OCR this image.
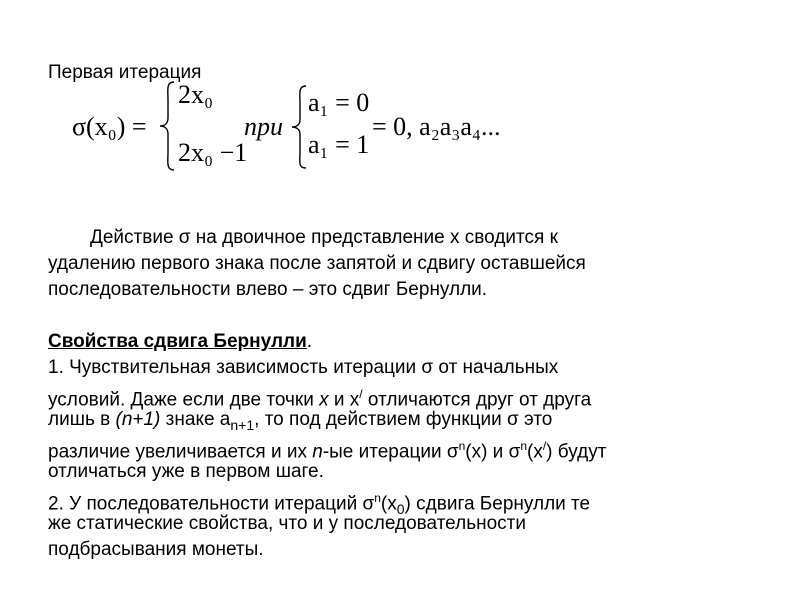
Первая итерация
σ(x₀) =
2x₀
2x₀ −1
при
a₁ = 0
a₁ = 1
= 0, a₂a₃a₄...
Действие σ на двоичное представление х сводится к
удалению первого знака после запятой и сдвигу оставшейся
последовательности влево – это сдвиг Бернулли.
Свойства сдвига Бернулли.
1. Чувствительная зависимость итерации σ от начальных
условий. Даже если две точки x и х/ отличаются друг от друга
лишь в (n+1) знаке $a_{n+1}$, то под действием функции σ это
различие увеличивается и их n-ые итерации $\sigma^n(х)$ и $\sigma^n(х^/)$ будут
отличаться уже в первом шаге.
2. У последовательности итераций $\sigma^n(x_0)$ сдвига Бернулли те
же статические свойства, что и у последовательности
подбрасывания монеты.
